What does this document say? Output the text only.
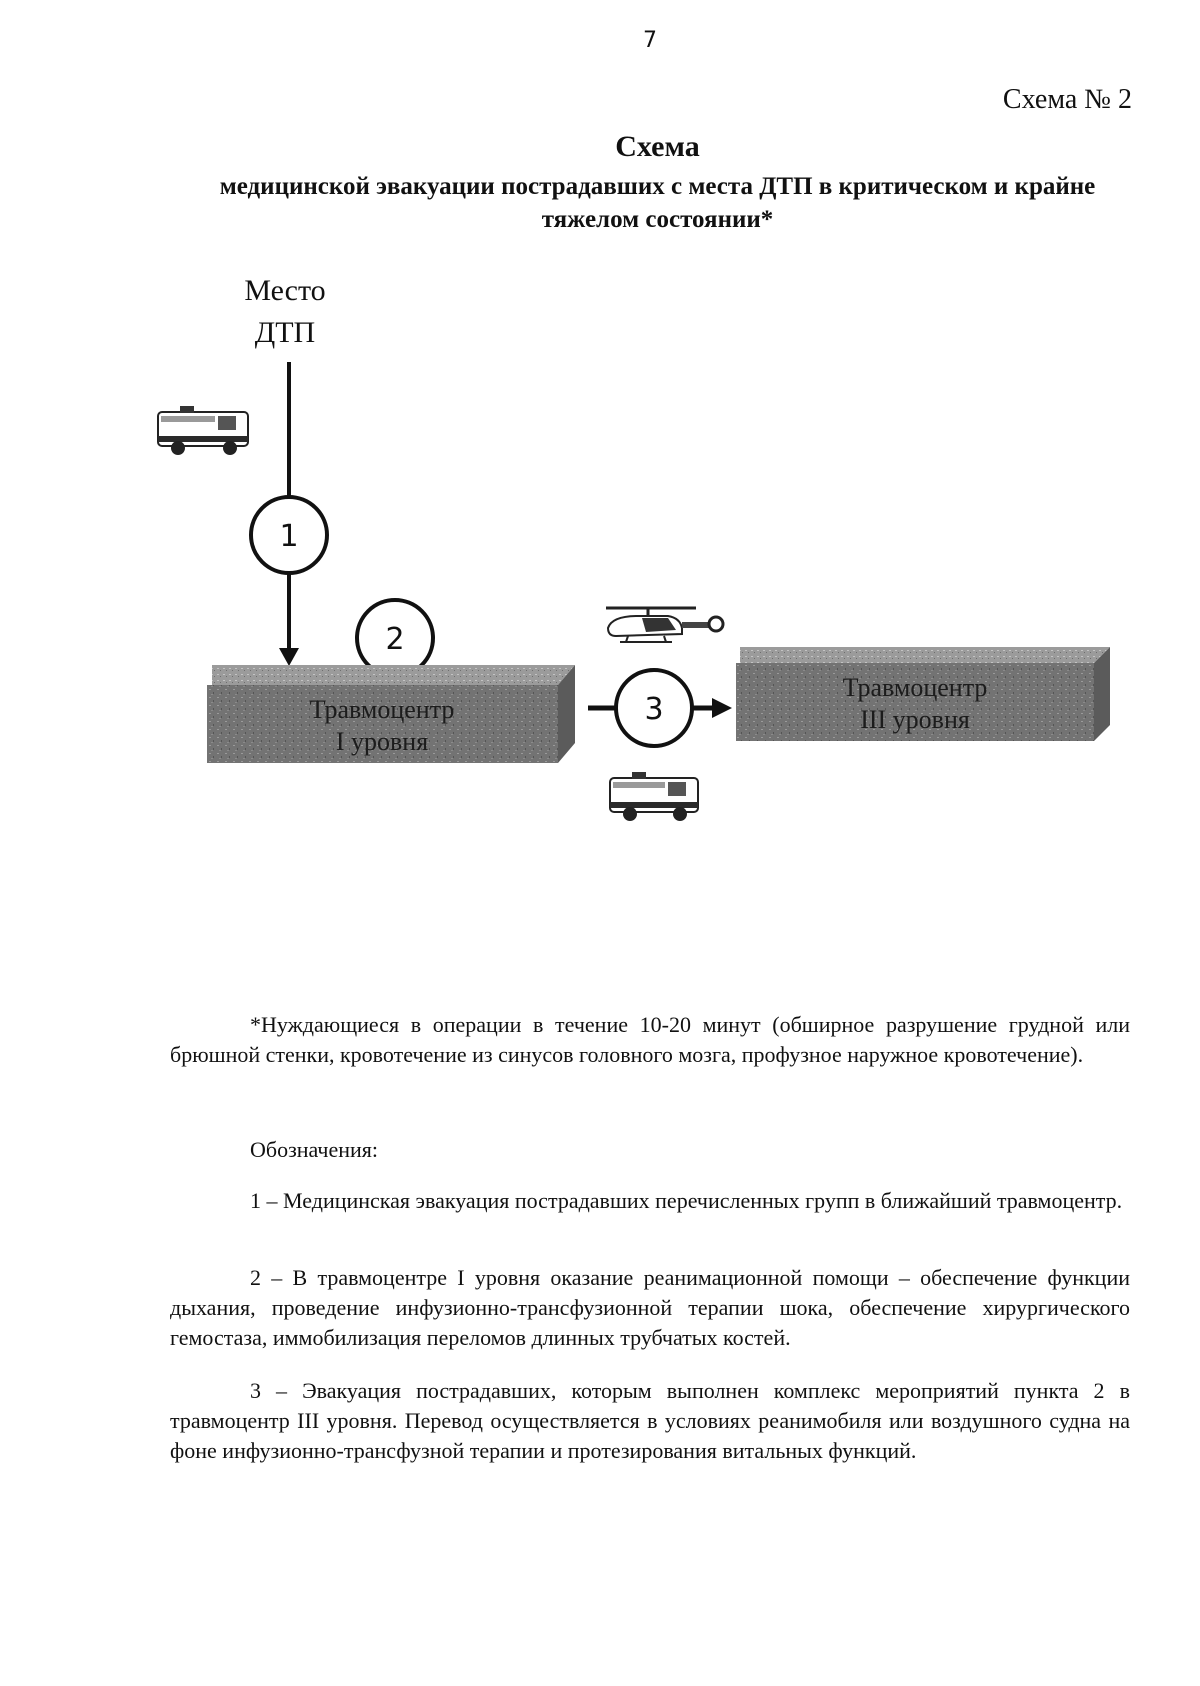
7
Схема № 2
Схема
медицинской эвакуации пострадавших с места ДТП в критическом и крайне тяжелом состоянии*
Место
ДТП
1
2
Травмоцентр
I уровня
Травмоцентр
III уровня
3

*Нуждающиеся в операции в течение 10-20 минут (обширное разрушение грудной или брюшной стенки, кровотечение из синусов головного мозга, профузное наружное кровотечение).

Обозначения:

1 – Медицинская эвакуация пострадавших перечисленных групп в ближайший травмоцентр.

2 – В травмоцентре I уровня оказание реанимационной помощи – обеспечение функции дыхания, проведение инфузионно-трансфузионной терапии шока, обеспечение хирургического гемостаза, иммобилизация переломов длинных трубчатых костей.

3 – Эвакуация пострадавших, которым выполнен комплекс мероприятий пункта 2 в травмоцентр III уровня. Перевод осуществляется в условиях реанимобиля или воздушного судна на фоне инфузионно-трансфузной терапии и протезирования витальных функций.
